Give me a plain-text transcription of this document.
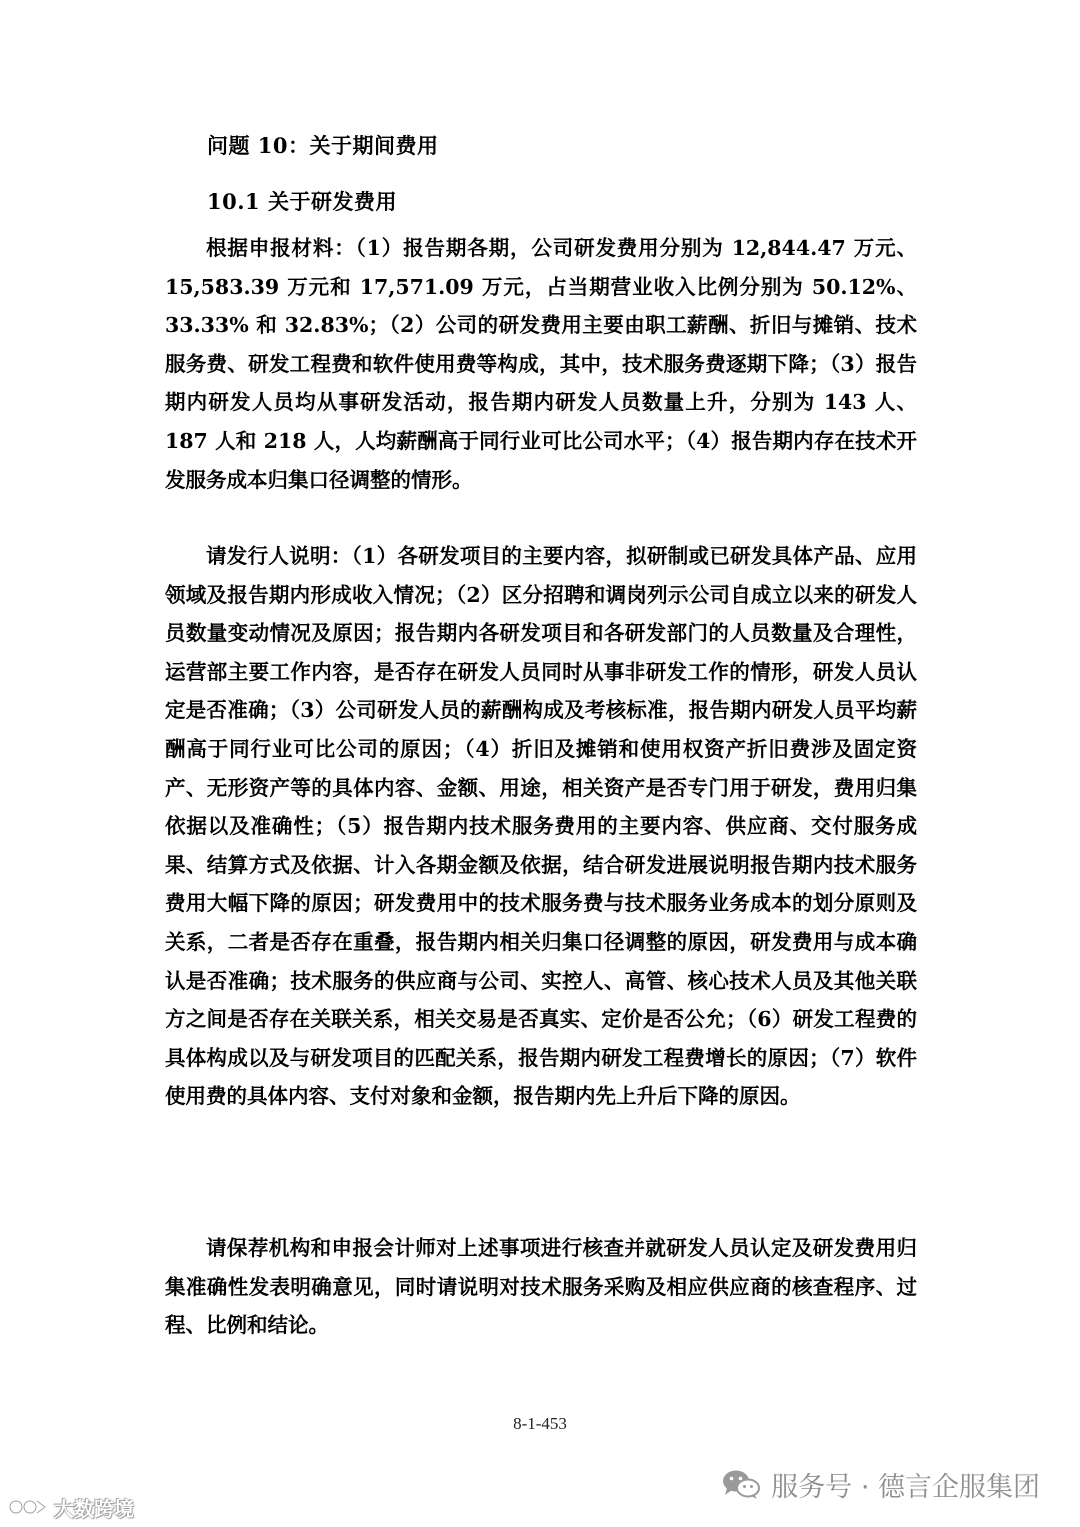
问题 10：关于期间费用
10.1 关于研发费用

根据申报材料：（1）报告期各期，公司研发费用分别为 12,844.47 万元、15,583.39 万元和 17,571.09 万元，占当期营业收入比例分别为 50.12%、33.33% 和 32.83%；（2）公司的研发费用主要由职工薪酬、折旧与摊销、技术服务费、研发工程费和软件使用费等构成，其中，技术服务费逐期下降；（3）报告期内研发人员均从事研发活动，报告期内研发人员数量上升，分别为 143 人、187 人和 218 人，人均薪酬高于同行业可比公司水平；（4）报告期内存在技术开发服务成本归集口径调整的情形。

请发行人说明：（1）各研发项目的主要内容，拟研制或已研发具体产品、应用领域及报告期内形成收入情况；（2）区分招聘和调岗列示公司自成立以来的研发人员数量变动情况及原因；报告期内各研发项目和各研发部门的人员数量及合理性，运营部主要工作内容，是否存在研发人员同时从事非研发工作的情形，研发人员认定是否准确；（3）公司研发人员的薪酬构成及考核标准，报告期内研发人员平均薪酬高于同行业可比公司的原因；（4）折旧及摊销和使用权资产折旧费涉及固定资产、无形资产等的具体内容、金额、用途，相关资产是否专门用于研发，费用归集依据以及准确性；（5）报告期内技术服务费用的主要内容、供应商、交付服务成果、结算方式及依据、计入各期金额及依据，结合研发进展说明报告期内技术服务费用大幅下降的原因；研发费用中的技术服务费与技术服务业务成本的划分原则及关系，二者是否存在重叠，报告期内相关归集口径调整的原因，研发费用与成本确认是否准确；技术服务的供应商与公司、实控人、高管、核心技术人员及其他关联方之间是否存在关联关系，相关交易是否真实、定价是否公允；（6）研发工程费的具体构成以及与研发项目的匹配关系，报告期内研发工程费增长的原因；（7）软件使用费的具体内容、支付对象和金额，报告期内先上升后下降的原因。

请保荐机构和申报会计师对上述事项进行核查并就研发人员认定及研发费用归集准确性发表明确意见，同时请说明对技术服务采购及相应供应商的核查程序、过程、比例和结论。

8-1-453
服务号 · 德言企服集团
大数跨境
